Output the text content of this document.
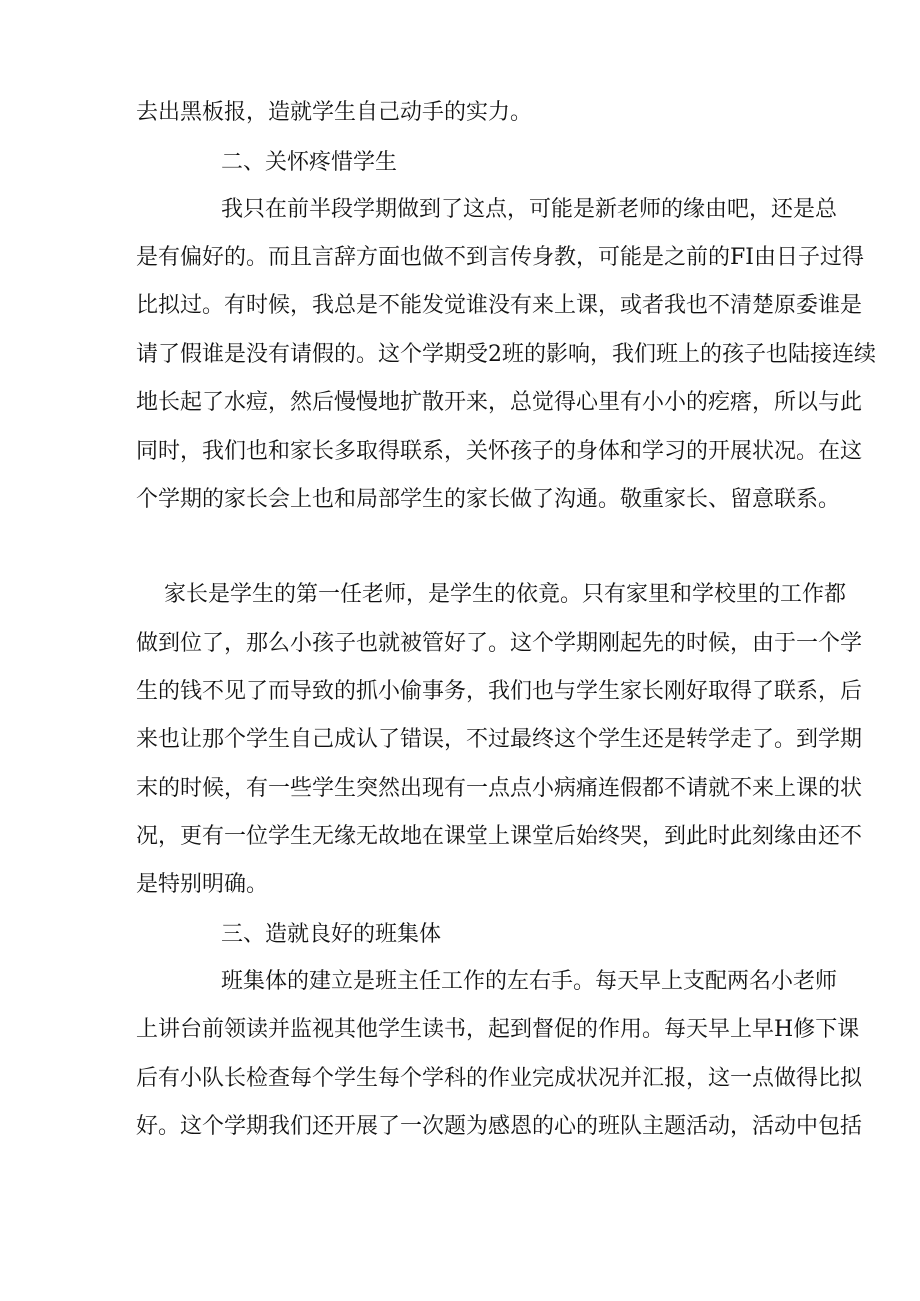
去出黑板报，造就学生自己动手的实力。
二、关怀疼惜学生
我只在前半段学期做到了这点，可能是新老师的缘由吧，还是总
是有偏好的。而且言辞方面也做不到言传身教，可能是之前的FI由日子过得
比拟过。有时候，我总是不能发觉谁没有来上课，或者我也不清楚原委谁是
请了假谁是没有请假的。这个学期受2班的影响，我们班上的孩子也陆接连续
地长起了水痘，然后慢慢地扩散开来，总觉得心里有小小的疙瘩，所以与此
同时，我们也和家长多取得联系，关怀孩子的身体和学习的开展状况。在这
个学期的家长会上也和局部学生的家长做了沟通。敬重家长、留意联系。
家长是学生的第一任老师，是学生的依竟。只有家里和学校里的工作都
做到位了，那么小孩子也就被管好了。这个学期刚起先的时候，由于一个学
生的钱不见了而导致的抓小偷事务，我们也与学生家长刚好取得了联系，后
来也让那个学生自己成认了错误，不过最终这个学生还是转学走了。到学期
末的时候，有一些学生突然出现有一点点小病痛连假都不请就不来上课的状
况，更有一位学生无缘无故地在课堂上课堂后始终哭，到此时此刻缘由还不
是特别明确。
三、造就良好的班集体
班集体的建立是班主任工作的左右手。每天早上支配两名小老师
上讲台前领读并监视其他学生读书，起到督促的作用。每天早上早H修下课
后有小队长检查每个学生每个学科的作业完成状况并汇报，这一点做得比拟
好。这个学期我们还开展了一次题为感恩的心的班队主题活动，活动中包括
